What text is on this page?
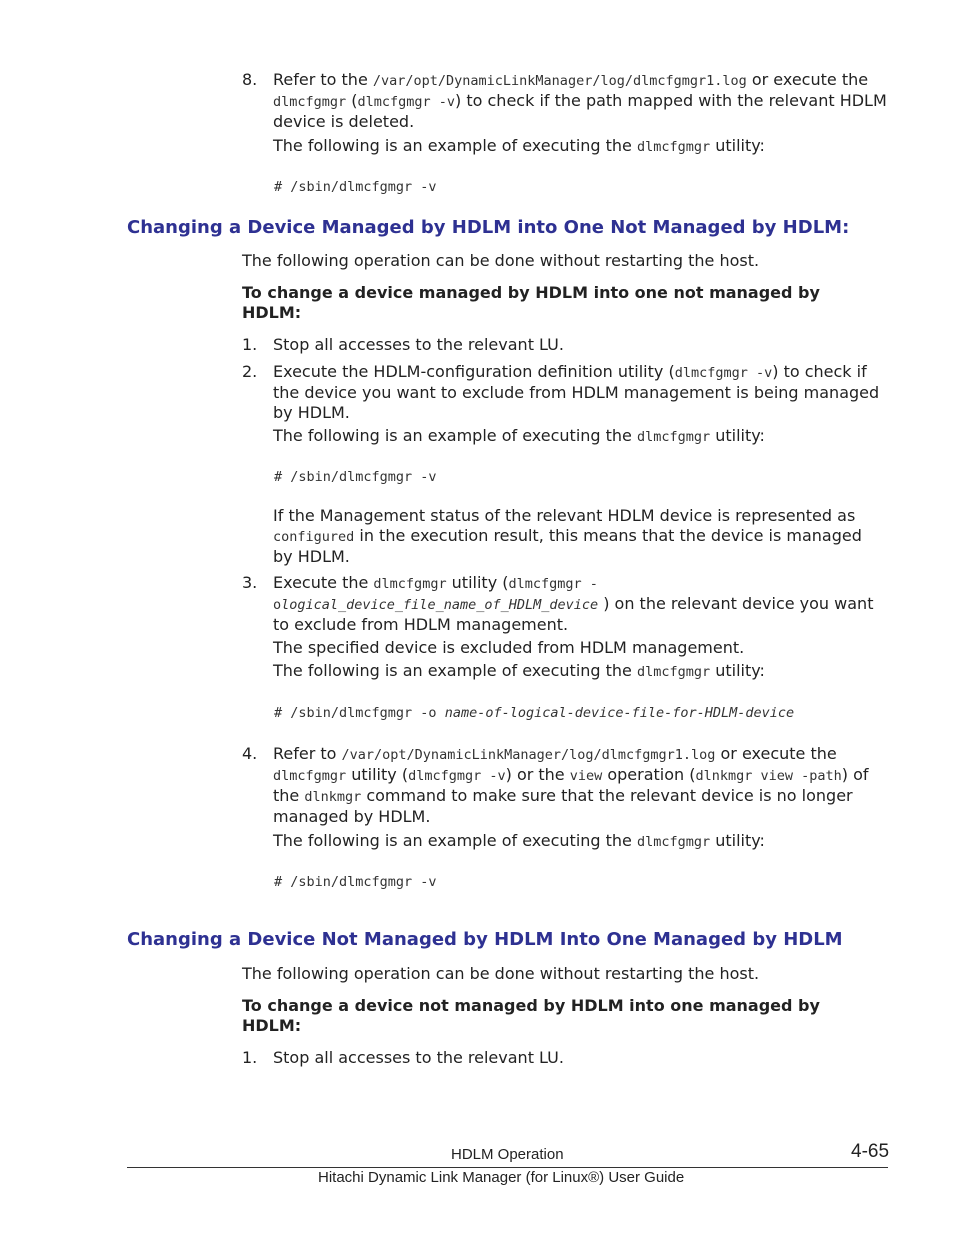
8. Refer to the /var/opt/DynamicLinkManager/log/dlmcfgmgr1.log or execute the dlmcfgmgr (dlmcfgmgr -v) to check if the path mapped with the relevant HDLM device is deleted.
The following is an example of executing the dlmcfgmgr utility:
# /sbin/dlmcfgmgr -v
Changing a Device Managed by HDLM into One Not Managed by HDLM:
The following operation can be done without restarting the host.
To change a device managed by HDLM into one not managed by HDLM:
1. Stop all accesses to the relevant LU.
2. Execute the HDLM-configuration definition utility (dlmcfgmgr -v) to check if the device you want to exclude from HDLM management is being managed by HDLM.
The following is an example of executing the dlmcfgmgr utility:
# /sbin/dlmcfgmgr -v
If the Management status of the relevant HDLM device is represented as configured in the execution result, this means that the device is managed by HDLM.
3. Execute the dlmcfgmgr utility (dlmcfgmgr -
ological_device_file_name_of_HDLM_device ) on the relevant device you want to exclude from HDLM management.
The specified device is excluded from HDLM management.
The following is an example of executing the dlmcfgmgr utility:
# /sbin/dlmcfgmgr -o name-of-logical-device-file-for-HDLM-device
4. Refer to /var/opt/DynamicLinkManager/log/dlmcfgmgr1.log or execute the dlmcfgmgr utility (dlmcfgmgr -v) or the view operation (dlnkmgr view -path) of the dlnkmgr command to make sure that the relevant device is no longer managed by HDLM.
The following is an example of executing the dlmcfgmgr utility:
# /sbin/dlmcfgmgr -v
Changing a Device Not Managed by HDLM Into One Managed by HDLM
The following operation can be done without restarting the host.
To change a device not managed by HDLM into one managed by HDLM:
1. Stop all accesses to the relevant LU.
HDLM Operation	4-65
Hitachi Dynamic Link Manager (for Linux®) User Guide
